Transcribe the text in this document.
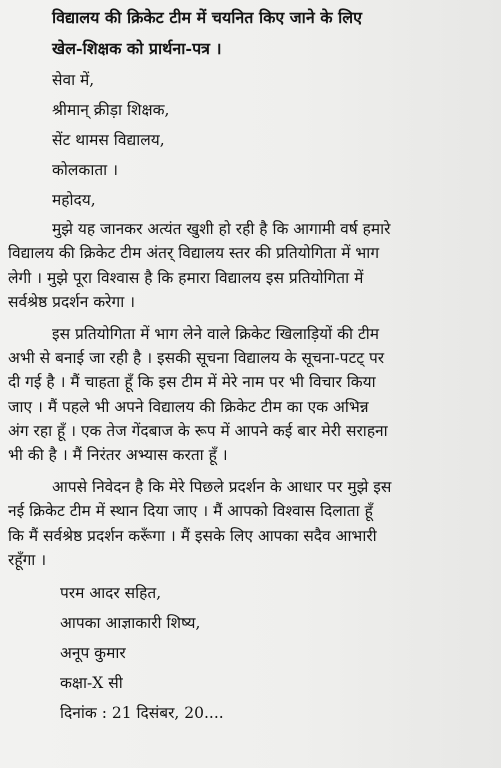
विद्यालय की क्रिकेट टीम में चयनित किए जाने के लिए
खेल-शिक्षक को प्रार्थना-पत्र ।
सेवा में,
श्रीमान् क्रीड़ा शिक्षक,
सेंट थामस विद्यालय,
कोलकाता ।
महोदय,
मुझे यह जानकर अत्यंत खुशी हो रही है कि आगामी वर्ष हमारे
विद्यालय की क्रिकेट टीम अंतर् विद्यालय स्तर की प्रतियोगिता में भाग
लेगी । मुझे पूरा विश्वास है कि हमारा विद्यालय इस प्रतियोगिता में
सर्वश्रेष्ठ प्रदर्शन करेगा ।
इस प्रतियोगिता में भाग लेने वाले क्रिकेट खिलाड़ियों की टीम
अभी से बनाई जा रही है । इसकी सूचना विद्यालय के सूचना-पटट् पर
दी गई है । मैं चाहता हूँ कि इस टीम में मेरे नाम पर भी विचार किया
जाए । मैं पहले भी अपने विद्यालय की क्रिकेट टीम का एक अभिन्न
अंग रहा हूँ । एक तेज गेंदबाज के रूप में आपने कई बार मेरी सराहना
भी की है । मैं निरंतर अभ्यास करता हूँ ।
आपसे निवेदन है कि मेरे पिछले प्रदर्शन के आधार पर मुझे इस
नई क्रिकेट टीम में स्थान दिया जाए । मैं आपको विश्वास दिलाता हूँ
कि मैं सर्वश्रेष्ठ प्रदर्शन करूँगा । मैं इसके लिए आपका सदैव आभारी
रहूँगा ।
परम आदर सहित,
आपका आज्ञाकारी शिष्य,
अनूप कुमार
कक्षा-X सी
दिनांक : 21 दिसंबर, 20....
